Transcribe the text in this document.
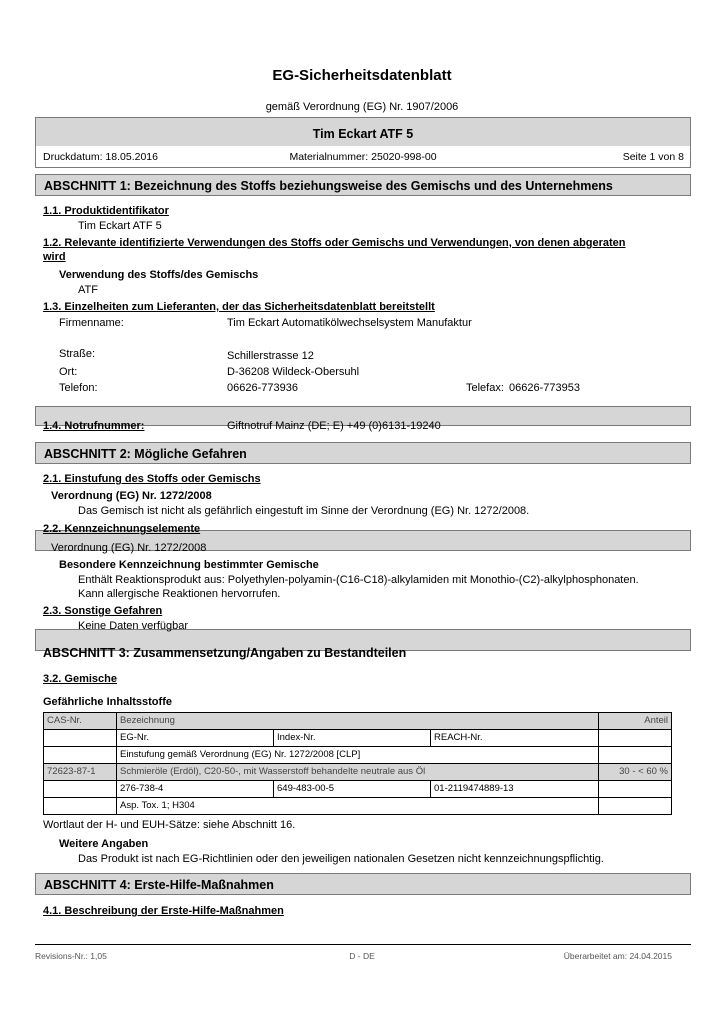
EG-Sicherheitsdatenblatt
gemäß Verordnung (EG) Nr. 1907/2006
Tim Eckart ATF 5
Druckdatum: 18.05.2016	Materialnummer: 25020-998-00	Seite 1 von 8
ABSCHNITT 1: Bezeichnung des Stoffs beziehungsweise des Gemischs und des Unternehmens
1.1. Produktidentifikator
Tim Eckart ATF 5
1.2. Relevante identifizierte Verwendungen des Stoffs oder Gemischs und Verwendungen, von denen abgeraten
wird
Verwendung des Stoffs/des Gemischs
ATF
1.3. Einzelheiten zum Lieferanten, der das Sicherheitsdatenblatt bereitstellt
Firmenname:	Tim Eckart Automatikölwechselsystem Manufaktur
Straße:	Schillerstrasse 12
Ort:	D-36208 Wildeck-Obersuhl
Telefon:	06626-773936	Telefax: 06626-773953
1.4. Notrufnummer:	Giftnotruf Mainz (DE; E) +49 (0)6131-19240
ABSCHNITT 2: Mögliche Gefahren
2.1. Einstufung des Stoffs oder Gemischs
Verordnung (EG) Nr. 1272/2008
Das Gemisch ist nicht als gefährlich eingestuft im Sinne der Verordnung (EG) Nr. 1272/2008.
2.2. Kennzeichnungselemente
Verordnung (EG) Nr. 1272/2008
Besondere Kennzeichnung bestimmter Gemische
Enthält Reaktionsprodukt aus: Polyethylen-polyamin-(C16-C18)-alkylamiden mit Monothio-(C2)-alkylphosphonaten.
Kann allergische Reaktionen hervorrufen.
2.3. Sonstige Gefahren
Keine Daten verfügbar
ABSCHNITT 3: Zusammensetzung/Angaben zu Bestandteilen
3.2. Gemische
Gefährliche Inhaltsstoffe
CAS-Nr.	Bezeichnung			Anteil
	EG-Nr.	Index-Nr.	REACH-Nr.	
	Einstufung gemäß Verordnung (EG) Nr. 1272/2008 [CLP]			
72623-87-1	Schmieröle (Erdöl), C20-50-, mit Wasserstoff behandelte neutrale aus Öl			30 - < 60 %
	276-738-4	649-483-00-5	01-2119474889-13	
	Asp. Tox. 1; H304			
Wortlaut der H- und EUH-Sätze: siehe Abschnitt 16.
Weitere Angaben
Das Produkt ist nach EG-Richtlinien oder den jeweiligen nationalen Gesetzen nicht kennzeichnungspflichtig.
ABSCHNITT 4: Erste-Hilfe-Maßnahmen
4.1. Beschreibung der Erste-Hilfe-Maßnahmen
Revisions-Nr.: 1,05	D - DE	Überarbeitet am: 24.04.2015
